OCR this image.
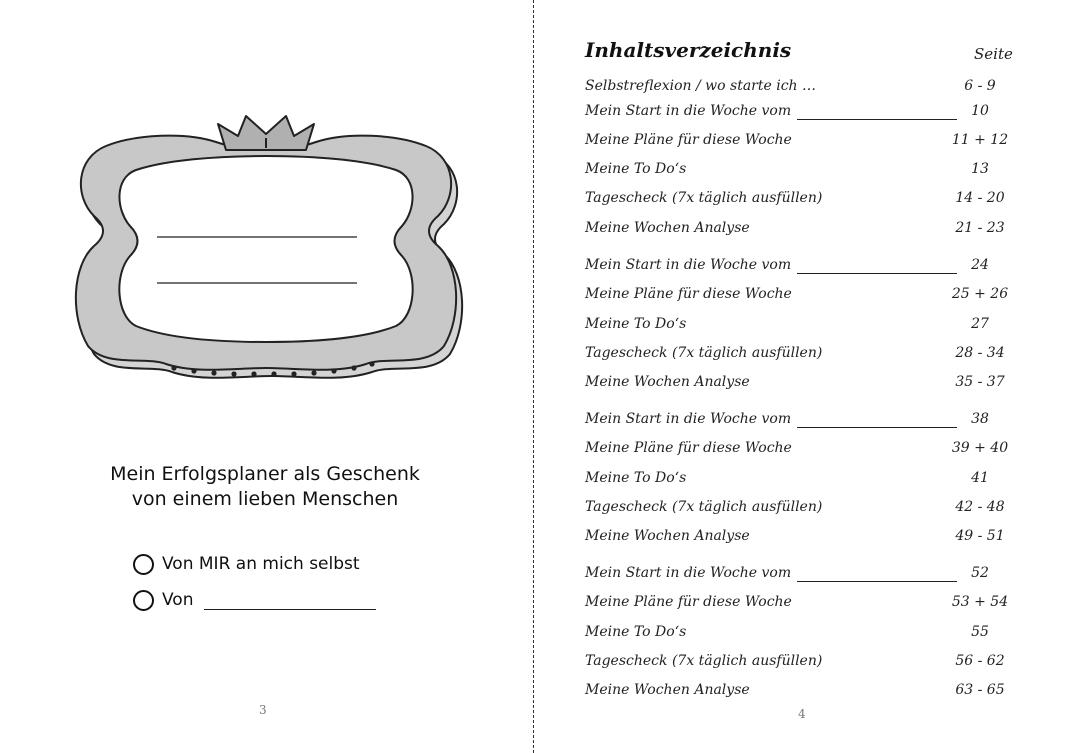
Mein Erfolgsplaner als Geschenk
von einem lieben Menschen
Von MIR an mich selbst
Von
3
Inhaltsverzeichnis	Seite
Selbstreflexion / wo starte ich …	6 - 9
Mein Start in die Woche vom	10
Meine Pläne für diese Woche	11 + 12
Meine To Do‘s	13
Tagescheck (7x täglich ausfüllen)	14 - 20
Meine Wochen Analyse	21 - 23
Mein Start in die Woche vom	24
Meine Pläne für diese Woche	25 + 26
Meine To Do‘s	27
Tagescheck (7x täglich ausfüllen)	28 - 34
Meine Wochen Analyse	35 - 37
Mein Start in die Woche vom	38
Meine Pläne für diese Woche	39 + 40
Meine To Do‘s	41
Tagescheck (7x täglich ausfüllen)	42 - 48
Meine Wochen Analyse	49 - 51
Mein Start in die Woche vom	52
Meine Pläne für diese Woche	53 + 54
Meine To Do‘s	55
Tagescheck (7x täglich ausfüllen)	56 - 62
Meine Wochen Analyse	63 - 65
4
